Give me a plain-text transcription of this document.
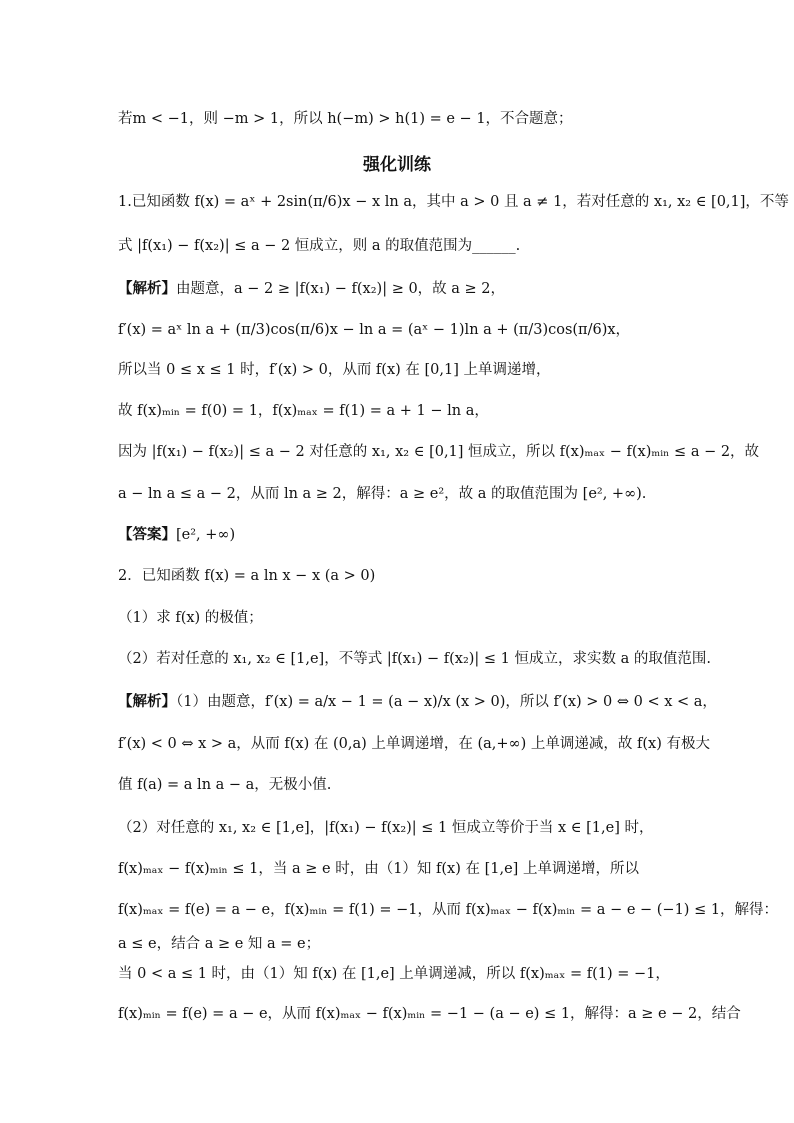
若m < −1，则 −m > 1，所以 h(−m) > h(1) = e − 1，不合题意；
强化训练
1.已知函数 f(x) = aˣ + 2sin(π/6)x − x ln a，其中 a > 0 且 a ≠ 1，若对任意的 x₁, x₂ ∈ [0,1]，不等
式 |f(x₁) − f(x₂)| ≤ a − 2 恒成立，则 a 的取值范围为______.
【解析】由题意，a − 2 ≥ |f(x₁) − f(x₂)| ≥ 0，故 a ≥ 2，
f′(x) = aˣ ln a + (π/3)cos(π/6)x − ln a = (aˣ − 1)ln a + (π/3)cos(π/6)x，
所以当 0 ≤ x ≤ 1 时，f′(x) > 0，从而 f(x) 在 [0,1] 上单调递增，
故 f(x)ₘᵢₙ = f(0) = 1，f(x)ₘₐₓ = f(1) = a + 1 − ln a，
因为 |f(x₁) − f(x₂)| ≤ a − 2 对任意的 x₁, x₂ ∈ [0,1] 恒成立，所以 f(x)ₘₐₓ − f(x)ₘᵢₙ ≤ a − 2，故
a − ln a ≤ a − 2，从而 ln a ≥ 2，解得：a ≥ e²，故 a 的取值范围为 [e², +∞).
【答案】[e², +∞)
2．已知函数 f(x) = a ln x − x (a > 0)
（1）求 f(x) 的极值；
（2）若对任意的 x₁, x₂ ∈ [1,e]，不等式 |f(x₁) − f(x₂)| ≤ 1 恒成立，求实数 a 的取值范围.
【解析】（1）由题意，f′(x) = a/x − 1 = (a − x)/x (x > 0)，所以 f′(x) > 0 ⇔ 0 < x < a，
f′(x) < 0 ⇔ x > a，从而 f(x) 在 (0,a) 上单调递增，在 (a,+∞) 上单调递减，故 f(x) 有极大
值 f(a) = a ln a − a，无极小值.
（2）对任意的 x₁, x₂ ∈ [1,e]，|f(x₁) − f(x₂)| ≤ 1 恒成立等价于当 x ∈ [1,e] 时，
f(x)ₘₐₓ − f(x)ₘᵢₙ ≤ 1，当 a ≥ e 时，由（1）知 f(x) 在 [1,e] 上单调递增，所以
f(x)ₘₐₓ = f(e) = a − e，f(x)ₘᵢₙ = f(1) = −1，从而 f(x)ₘₐₓ − f(x)ₘᵢₙ = a − e − (−1) ≤ 1，解得：
a ≤ e，结合 a ≥ e 知 a = e；
当 0 < a ≤ 1 时，由（1）知 f(x) 在 [1,e] 上单调递减，所以 f(x)ₘₐₓ = f(1) = −1，
f(x)ₘᵢₙ = f(e) = a − e，从而 f(x)ₘₐₓ − f(x)ₘᵢₙ = −1 − (a − e) ≤ 1，解得：a ≥ e − 2，结合
